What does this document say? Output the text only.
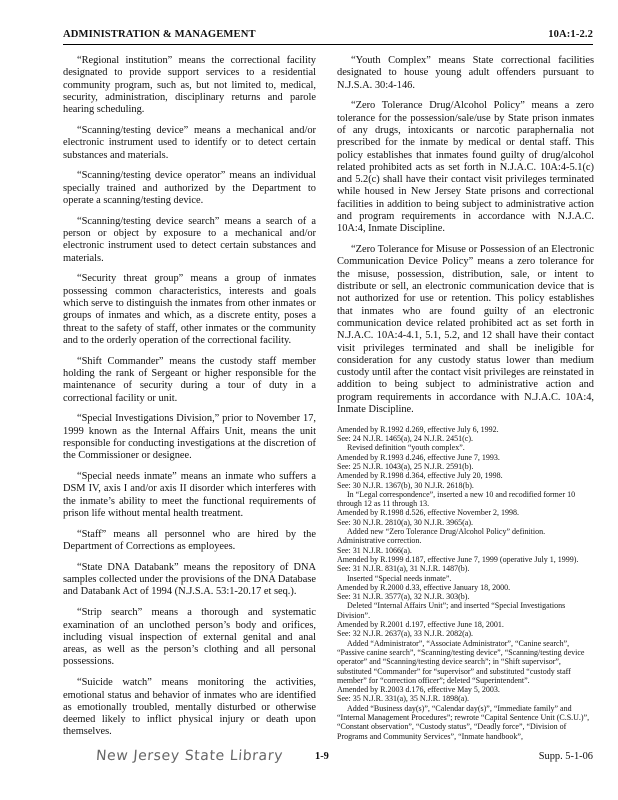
ADMINISTRATION & MANAGEMENT	10A:1-2.2

“Regional institution” means the correctional facility designated to provide support services to a residential community program, such as, but not limited to, medical, security, administration, disciplinary returns and parole hearing scheduling.

“Scanning/testing device” means a mechanical and/or electronic instrument used to identify or to detect certain substances and materials.

“Scanning/testing device operator” means an individual specially trained and authorized by the Department to operate a scanning/testing device.

“Scanning/testing device search” means a search of a person or object by exposure to a mechanical and/or electronic instrument used to detect certain substances and materials.

“Security threat group” means a group of inmates possessing common characteristics, interests and goals which serve to distinguish the inmates from other inmates or groups of inmates and which, as a discrete entity, poses a threat to the safety of staff, other inmates or the community and to the orderly operation of the correctional facility.

“Shift Commander” means the custody staff member holding the rank of Sergeant or higher responsible for the maintenance of security during a tour of duty in a correctional facility or unit.

“Special Investigations Division,” prior to November 17, 1999 known as the Internal Affairs Unit, means the unit responsible for conducting investigations at the discretion of the Commissioner or designee.

“Special needs inmate” means an inmate who suffers a DSM IV, axis I and/or axis II disorder which interferes with the inmate’s ability to meet the functional requirements of prison life without mental health treatment.

“Staff” means all personnel who are hired by the Department of Corrections as employees.

“State DNA Databank” means the repository of DNA samples collected under the provisions of the DNA Database and Databank Act of 1994 (N.J.S.A. 53:1-20.17 et seq.).

“Strip search” means a thorough and systematic examination of an unclothed person’s body and orifices, including visual inspection of external genital and anal areas, as well as the person’s clothing and all personal possessions.

“Suicide watch” means monitoring the activities, emotional status and behavior of inmates who are identified as emotionally troubled, mentally disturbed or otherwise deemed likely to inflict physical injury or death upon themselves.

“Youth Complex” means State correctional facilities designated to house young adult offenders pursuant to N.J.S.A. 30:4-146.

“Zero Tolerance Drug/Alcohol Policy” means a zero tolerance for the possession/sale/use by State prison inmates of any drugs, intoxicants or narcotic paraphernalia not prescribed for the inmate by medical or dental staff. This policy establishes that inmates found guilty of drug/alcohol related prohibited acts as set forth in N.J.A.C. 10A:4-5.1(c) and 5.2(c) shall have their contact visit privileges terminated while housed in New Jersey State prisons and correctional facilities in addition to being subject to administrative action and program requirements in accordance with N.J.A.C. 10A:4, Inmate Discipline.

“Zero Tolerance for Misuse or Possession of an Electronic Communication Device Policy” means a zero tolerance for the misuse, possession, distribution, sale, or intent to distribute or sell, an electronic communication device that is not authorized for use or retention. This policy establishes that inmates who are found guilty of an electronic communication device related prohibited act as set forth in N.J.A.C. 10A:4-4.1, 5.1, 5.2, and 12 shall have their contact visit privileges terminated and shall be ineligible for consideration for any custody status lower than medium custody until after the contact visit privileges are reinstated in addition to being subject to administrative action and program requirements in accordance with N.J.A.C. 10A:4, Inmate Discipline.

Amended by R.1992 d.269, effective July 6, 1992.
See: 24 N.J.R. 1465(a), 24 N.J.R. 2451(c).
Revised definition “youth complex”.
Amended by R.1993 d.246, effective June 7, 1993.
See: 25 N.J.R. 1043(a), 25 N.J.R. 2591(b).
Amended by R.1998 d.364, effective July 20, 1998.
See: 30 N.J.R. 1367(b), 30 N.J.R. 2618(b).
In “Legal correspondence”, inserted a new 10 and recodified former 10 through 12 as 11 through 13.
Amended by R.1998 d.526, effective November 2, 1998.
See: 30 N.J.R. 2810(a), 30 N.J.R. 3965(a).
Added new “Zero Tolerance Drug/Alcohol Policy” definition.
Administrative correction.
See: 31 N.J.R. 1066(a).
Amended by R.1999 d.187, effective June 7, 1999 (operative July 1, 1999).
See: 31 N.J.R. 831(a), 31 N.J.R. 1487(b).
Inserted “Special needs inmate”.
Amended by R.2000 d.33, effective January 18, 2000.
See: 31 N.J.R. 3577(a), 32 N.J.R. 303(b).
Deleted “Internal Affairs Unit”; and inserted “Special Investigations Division”.
Amended by R.2001 d.197, effective June 18, 2001.
See: 32 N.J.R. 2637(a), 33 N.J.R. 2082(a).
Added “Administrator”, “Associate Administrator”, “Canine search”, “Passive canine search”, “Scanning/testing device”, “Scanning/testing device operator” and “Scanning/testing device search”; in “Shift supervisor”, substituted “Commander” for “supervisor” and substituted “custody staff member” for “correction officer”; deleted “Superintendent”.
Amended by R.2003 d.176, effective May 5, 2003.
See: 35 N.J.R. 331(a), 35 N.J.R. 1898(a).
Added “Business day(s)”, “Calendar day(s)”, “Immediate family” and “Internal Management Procedures”; rewrote “Capital Sentence Unit (C.S.U.)”, “Constant observation”, “Custody status”, “Deadly force”, “Division of Programs and Community Services”, “Inmate handbook”,
New Jersey State Library	1-9	Supp. 5-1-06
